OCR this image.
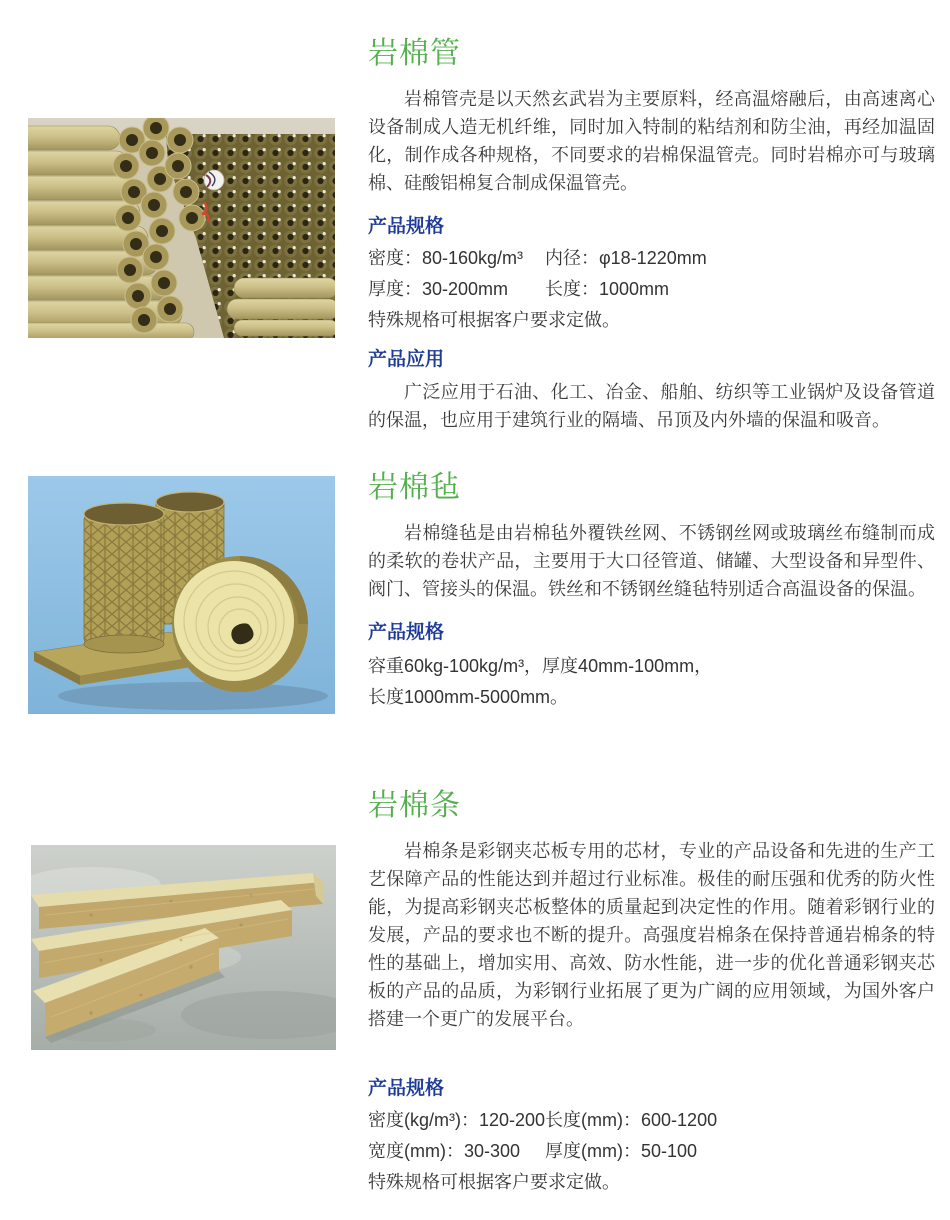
岩棉管

岩棉管壳是以天然玄武岩为主要原料，经高温熔融后，由高速离心设备制成人造无机纤维，同时加入特制的粘结剂和防尘油，再经加温固化，制作成各种规格，不同要求的岩棉保温管壳。同时岩棉亦可与玻璃棉、硅酸铝棉复合制成保温管壳。

产品规格
密度：80-160kg/m³	内径：φ18-1220mm
厚度：30-200mm	长度：1000mm
特殊规格可根据客户要求定做。
产品应用

广泛应用于石油、化工、冶金、船舶、纺织等工业锅炉及设备管道的保温，也应用于建筑行业的隔墙、吊顶及内外墙的保温和吸音。

岩棉毡

岩棉缝毡是由岩棉毡外覆铁丝网、不锈钢丝网或玻璃丝布缝制而成的柔软的卷状产品，主要用于大口径管道、储罐、大型设备和异型件、阀门、管接头的保温。铁丝和不锈钢丝缝毡特别适合高温设备的保温。

产品规格
容重60kg-100kg/m³，厚度40mm-100mm，
长度1000mm-5000mm。
岩棉条

岩棉条是彩钢夹芯板专用的芯材，专业的产品设备和先进的生产工艺保障产品的性能达到并超过行业标准。极佳的耐压强和优秀的防火性能，为提高彩钢夹芯板整体的质量起到决定性的作用。随着彩钢行业的发展，产品的要求也不断的提升。高强度岩棉条在保持普通岩棉条的特性的基础上，增加实用、高效、防水性能，进一步的优化普通彩钢夹芯板的产品的品质，为彩钢行业拓展了更为广阔的应用领域，为国外客户搭建一个更广的发展平台。

产品规格
密度(kg/m³)：120-200 长度(mm)：600-1200
宽度(mm)：30-300	厚度(mm)：50-100
特殊规格可根据客户要求定做。
